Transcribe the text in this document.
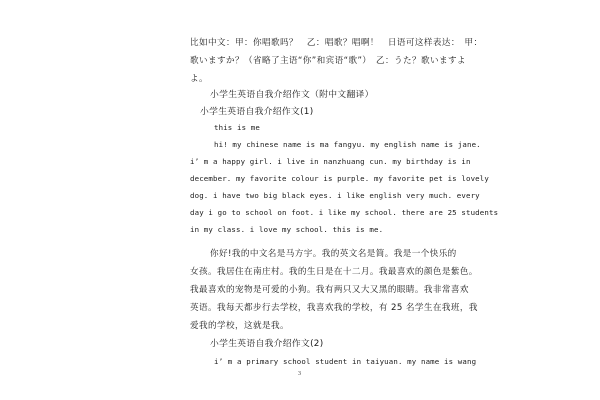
比如中文：甲：你唱歌吗？　乙：唱歌？唱啊！　日语可这样表达：　甲：
歌いますか？（省略了主语“你”和宾语“歌”）　乙：うた？歌いますよ
よ。
小学生英语自我介绍作文（附中文翻译）
小学生英语自我介绍作文(1)
this is me
hi! my chinese name is ma fangyu. my english name is jane.
i’ m a happy girl. i live in nanzhuang cun. my birthday is in
december. my favorite colour is purple. my favorite pet is lovely
dog. i have two big black eyes. i like english very much. every
day i go to school on foot. i like my school. there are 25 students
in my class. i love my school. this is me.
你好!我的中文名是马方宇。我的英文名是简。我是一个快乐的
女孩。我居住在南庄村。我的生日是在十二月。我最喜欢的颜色是紫色。
我最喜欢的宠物是可爱的小狗。我有两只又大又黑的眼睛。我非常喜欢
英语。我每天都步行去学校，我喜欢我的学校，有 25 名学生在我班，我
爱我的学校，这就是我。
小学生英语自我介绍作文(2)
i’ m a primary school student in taiyuan. my name is wang
3
